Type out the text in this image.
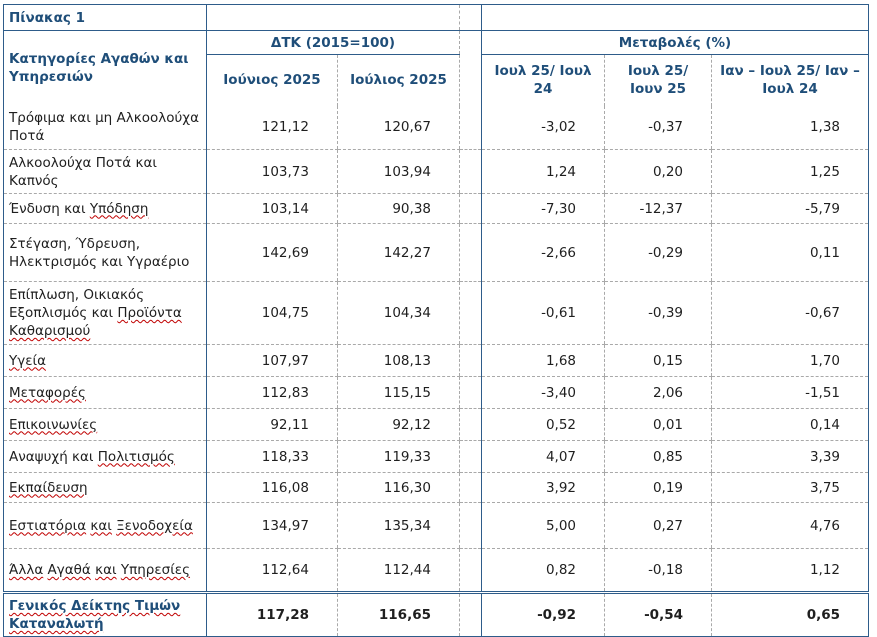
Πίνακας 1						
Κατηγορίες Αγαθών και Υπηρεσιών	ΔΤΚ (2015=100)			Μεταβολές (%)		
	Ιούνιος 2025	Ιούλιος 2025		Ιουλ 25/ Ιουλ 24	Ιουλ 25/ Ιουν 25	Ιαν – Ιουλ 25/ Ιαν – Ιουλ 24
Τρόφιμα και μη Αλκοολούχα Ποτά	121,12	120,67		-3,02	-0,37	1,38
Αλκοολούχα Ποτά και Καπνός	103,73	103,94		1,24	0,20	1,25
Ένδυση και Υπόδηση	103,14	90,38		-7,30	-12,37	-5,79
Στέγαση, Ύδρευση, Ηλεκτρισμός και Υγραέριο	142,69	142,27		-2,66	-0,29	0,11
Επίπλωση, Οικιακός Εξοπλισμός και Προϊόντα Καθαρισμού	104,75	104,34		-0,61	-0,39	-0,67
Υγεία	107,97	108,13		1,68	0,15	1,70
Μεταφορές	112,83	115,15		-3,40	2,06	-1,51
Επικοινωνίες	92,11	92,12		0,52	0,01	0,14
Αναψυχή και Πολιτισμός	118,33	119,33		4,07	0,85	3,39
Εκπαίδευση	116,08	116,30		3,92	0,19	3,75
Εστιατόρια και Ξενοδοχεία	134,97	135,34		5,00	0,27	4,76
Άλλα Αγαθά και Υπηρεσίες	112,64	112,44		0,82	-0,18	1,12
Γενικός Δείκτης Τιμών Καταναλωτή	117,28	116,65		-0,92	-0,54	0,65
